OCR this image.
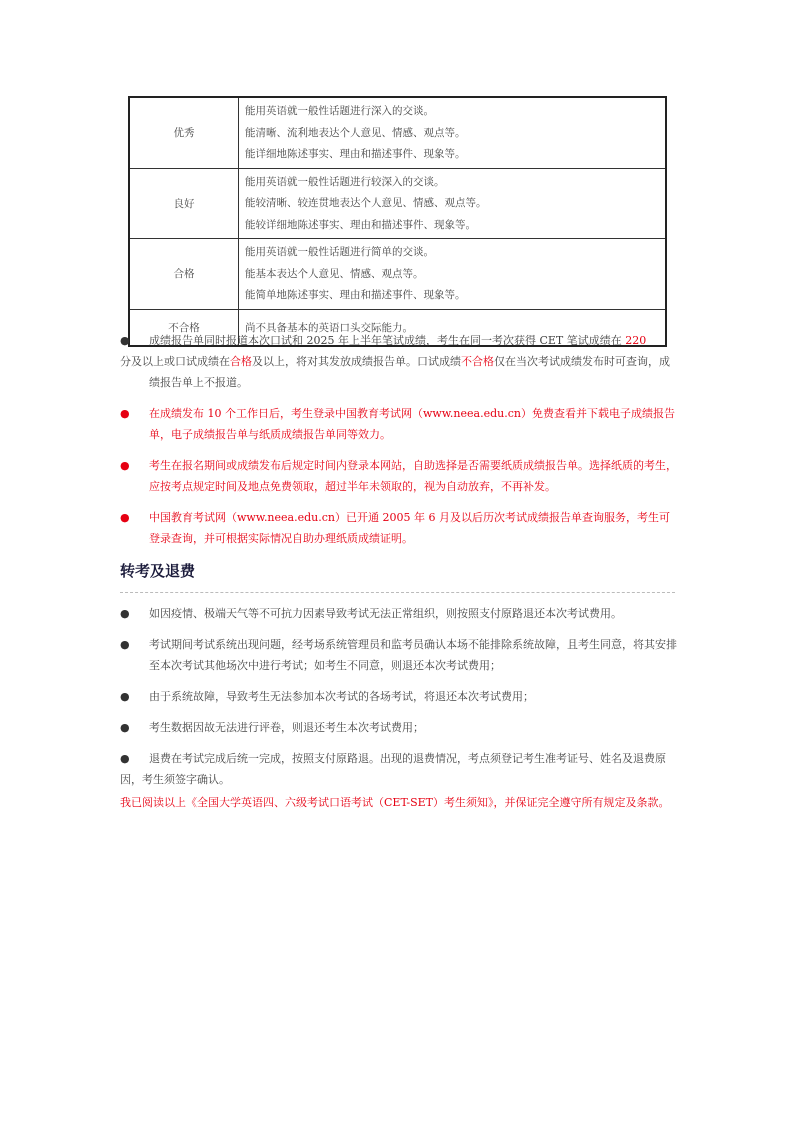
优秀	能用英语就一般性话题进行深入的交谈。
能清晰、流利地表达个人意见、情感、观点等。
能详细地陈述事实、理由和描述事件、现象等。

良好	能用英语就一般性话题进行较深入的交谈。
能较清晰、较连贯地表达个人意见、情感、观点等。
能较详细地陈述事实、理由和描述事件、现象等。

合格	能用英语就一般性话题进行简单的交谈。
能基本表达个人意见、情感、观点等。
能简单地陈述事实、理由和描述事件、现象等。

不合格	尚不具备基本的英语口头交际能力。
●	成绩报告单同时报道本次口试和 2025 年上半年笔试成绩，考生在同一考次获得 CET 笔试成绩在 220
分及以上或口试成绩在合格及以上，将对其发放成绩报告单。口试成绩不合格仅在当次考试成绩发布时可查询，成绩报告单上不报道。
●	在成绩发布 10 个工作日后，考生登录中国教育考试网（www.neea.edu.cn）免费查看并下载电子成绩报告单，电子成绩报告单与纸质成绩报告单同等效力。
●	考生在报名期间或成绩发布后规定时间内登录本网站，自助选择是否需要纸质成绩报告单。选择纸质的考生，应按考点规定时间及地点免费领取，超过半年未领取的，视为自动放弃，不再补发。
●	中国教育考试网（www.neea.edu.cn）已开通 2005 年 6 月及以后历次考试成绩报告单查询服务，考生可登录查询，并可根据实际情况自助办理纸质成绩证明。
转考及退费
●	如因疫情、极端天气等不可抗力因素导致考试无法正常组织，则按照支付原路退还本次考试费用。
●	考试期间考试系统出现问题，经考场系统管理员和监考员确认本场不能排除系统故障，且考生同意，将其安排至本次考试其他场次中进行考试；如考生不同意，则退还本次考试费用；
●	由于系统故障，导致考生无法参加本次考试的各场考试，将退还本次考试费用；
●	考生数据因故无法进行评卷，则退还考生本次考试费用；
●	退费在考试完成后统一完成，按照支付原路退。出现的退费情况，考点须登记考生准考证号、姓名及退费原因，考生须签字确认。

我已阅读以上《全国大学英语四、六级考试口语考试（CET-SET）考生须知》，并保证完全遵守所有规定及条款。
